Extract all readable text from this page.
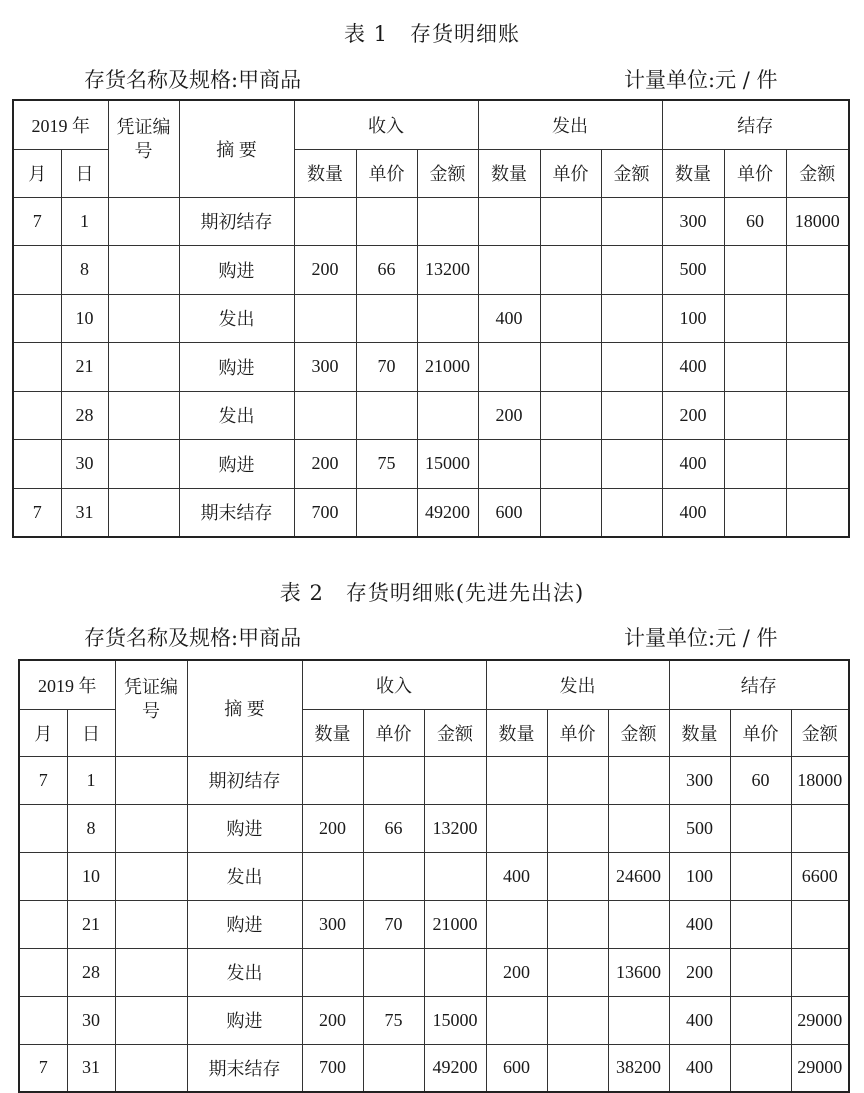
表 1　存货明细账
存货名称及规格:甲商品	计量单位:元 / 件
2019 年		凭证编号	摘 要	收入			发出			结存		
月	日			数量	单价	金额	数量	单价	金额	数量	单价	金额
7	1		期初结存							300	60	18000
	8		购进	200	66	13200				500		
	10		发出				400			100		
	21		购进	300	70	21000				400		
	28		发出				200			200		
	30		购进	200	75	15000				400		
7	31		期末结存	700		49200	600			400		
表 2　存货明细账(先进先出法)
存货名称及规格:甲商品	计量单位:元 / 件
2019 年		凭证编号	摘 要	收入			发出			结存		
月	日			数量	单价	金额	数量	单价	金额	数量	单价	金额
7	1		期初结存							300	60	18000
	8		购进	200	66	13200				500		
	10		发出				400		24600	100		6600
	21		购进	300	70	21000				400		
	28		发出				200		13600	200		
	30		购进	200	75	15000				400		29000
7	31		期末结存	700		49200	600		38200	400		29000
